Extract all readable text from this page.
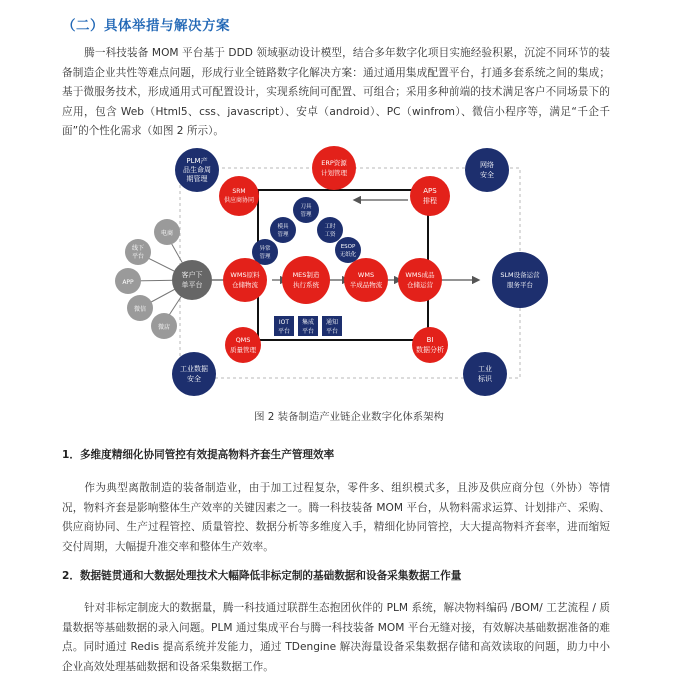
（二）具体举措与解决方案
腾一科技装备 MOM 平台基于 DDD 领域驱动设计模型，结合多年数字化项目实施经验积累，沉淀不同环节的装备制造企业共性等难点问题，形成行业全链路数字化解决方案：通过通用集成配置平台，打通多套系统之间的集成；基于微服务技术，形成通用式可配置设计，实现系统间可配置、可组合；采用多种前端的技术满足客户不同场景下的应用，包含 Web（Html5、css、javascript）、安卓（android）、PC（winfrom）、微信小程序等，满足“千企千面”的个性化需求（如图 2 所示）。
PLM产
品生命周
期管理
网络
安全
SLM设备运营
服务平台
工业数据
安全
工业
标识
刀具
管理
模具
管理
工时
工资
异常
管理
ESOP
无纸化
ERP资源
计划管理
SRM
供应商协同
APS
排程
WMS原料
仓储物流
MES制造
执行系统
WMS
半成品物流
WMS成品
仓储运营
QMS
质量管理
BI
数据分析
IOT
平台
集成
平台
通知
平台
电商
线下
平台
APP
微信
微店
客户下
单平台
图 2 装备制造产业链企业数字化体系架构
1．多维度精细化协同管控有效提高物料齐套生产管理效率
作为典型离散制造的装备制造业，由于加工过程复杂，零件多、组织模式多，且涉及供应商分包（外协）等情况，物料齐套是影响整体生产效率的关键因素之一。腾一科技装备 MOM 平台，从物料需求运算、计划排产、采购、供应商协同、生产过程管控、质量管控、数据分析等多维度入手，精细化协同管控，大大提高物料齐套率，进而缩短交付周期，大幅提升准交率和整体生产效率。
2．数据链贯通和大数据处理技术大幅降低非标定制的基础数据和设备采集数据工作量
针对非标定制庞大的数据量，腾一科技通过联群生态抱团伙伴的 PLM 系统，解决物料编码 /BOM/ 工艺流程 / 质量数据等基础数据的录入问题。PLM 通过集成平台与腾一科技装备 MOM 平台无缝对接，有效解决基础数据准备的难点。同时通过 Redis 提高系统并发能力，通过 TDengine 解决海量设备采集数据存储和高效读取的问题，助力中小企业高效处理基础数据和设备采集数据工作。
